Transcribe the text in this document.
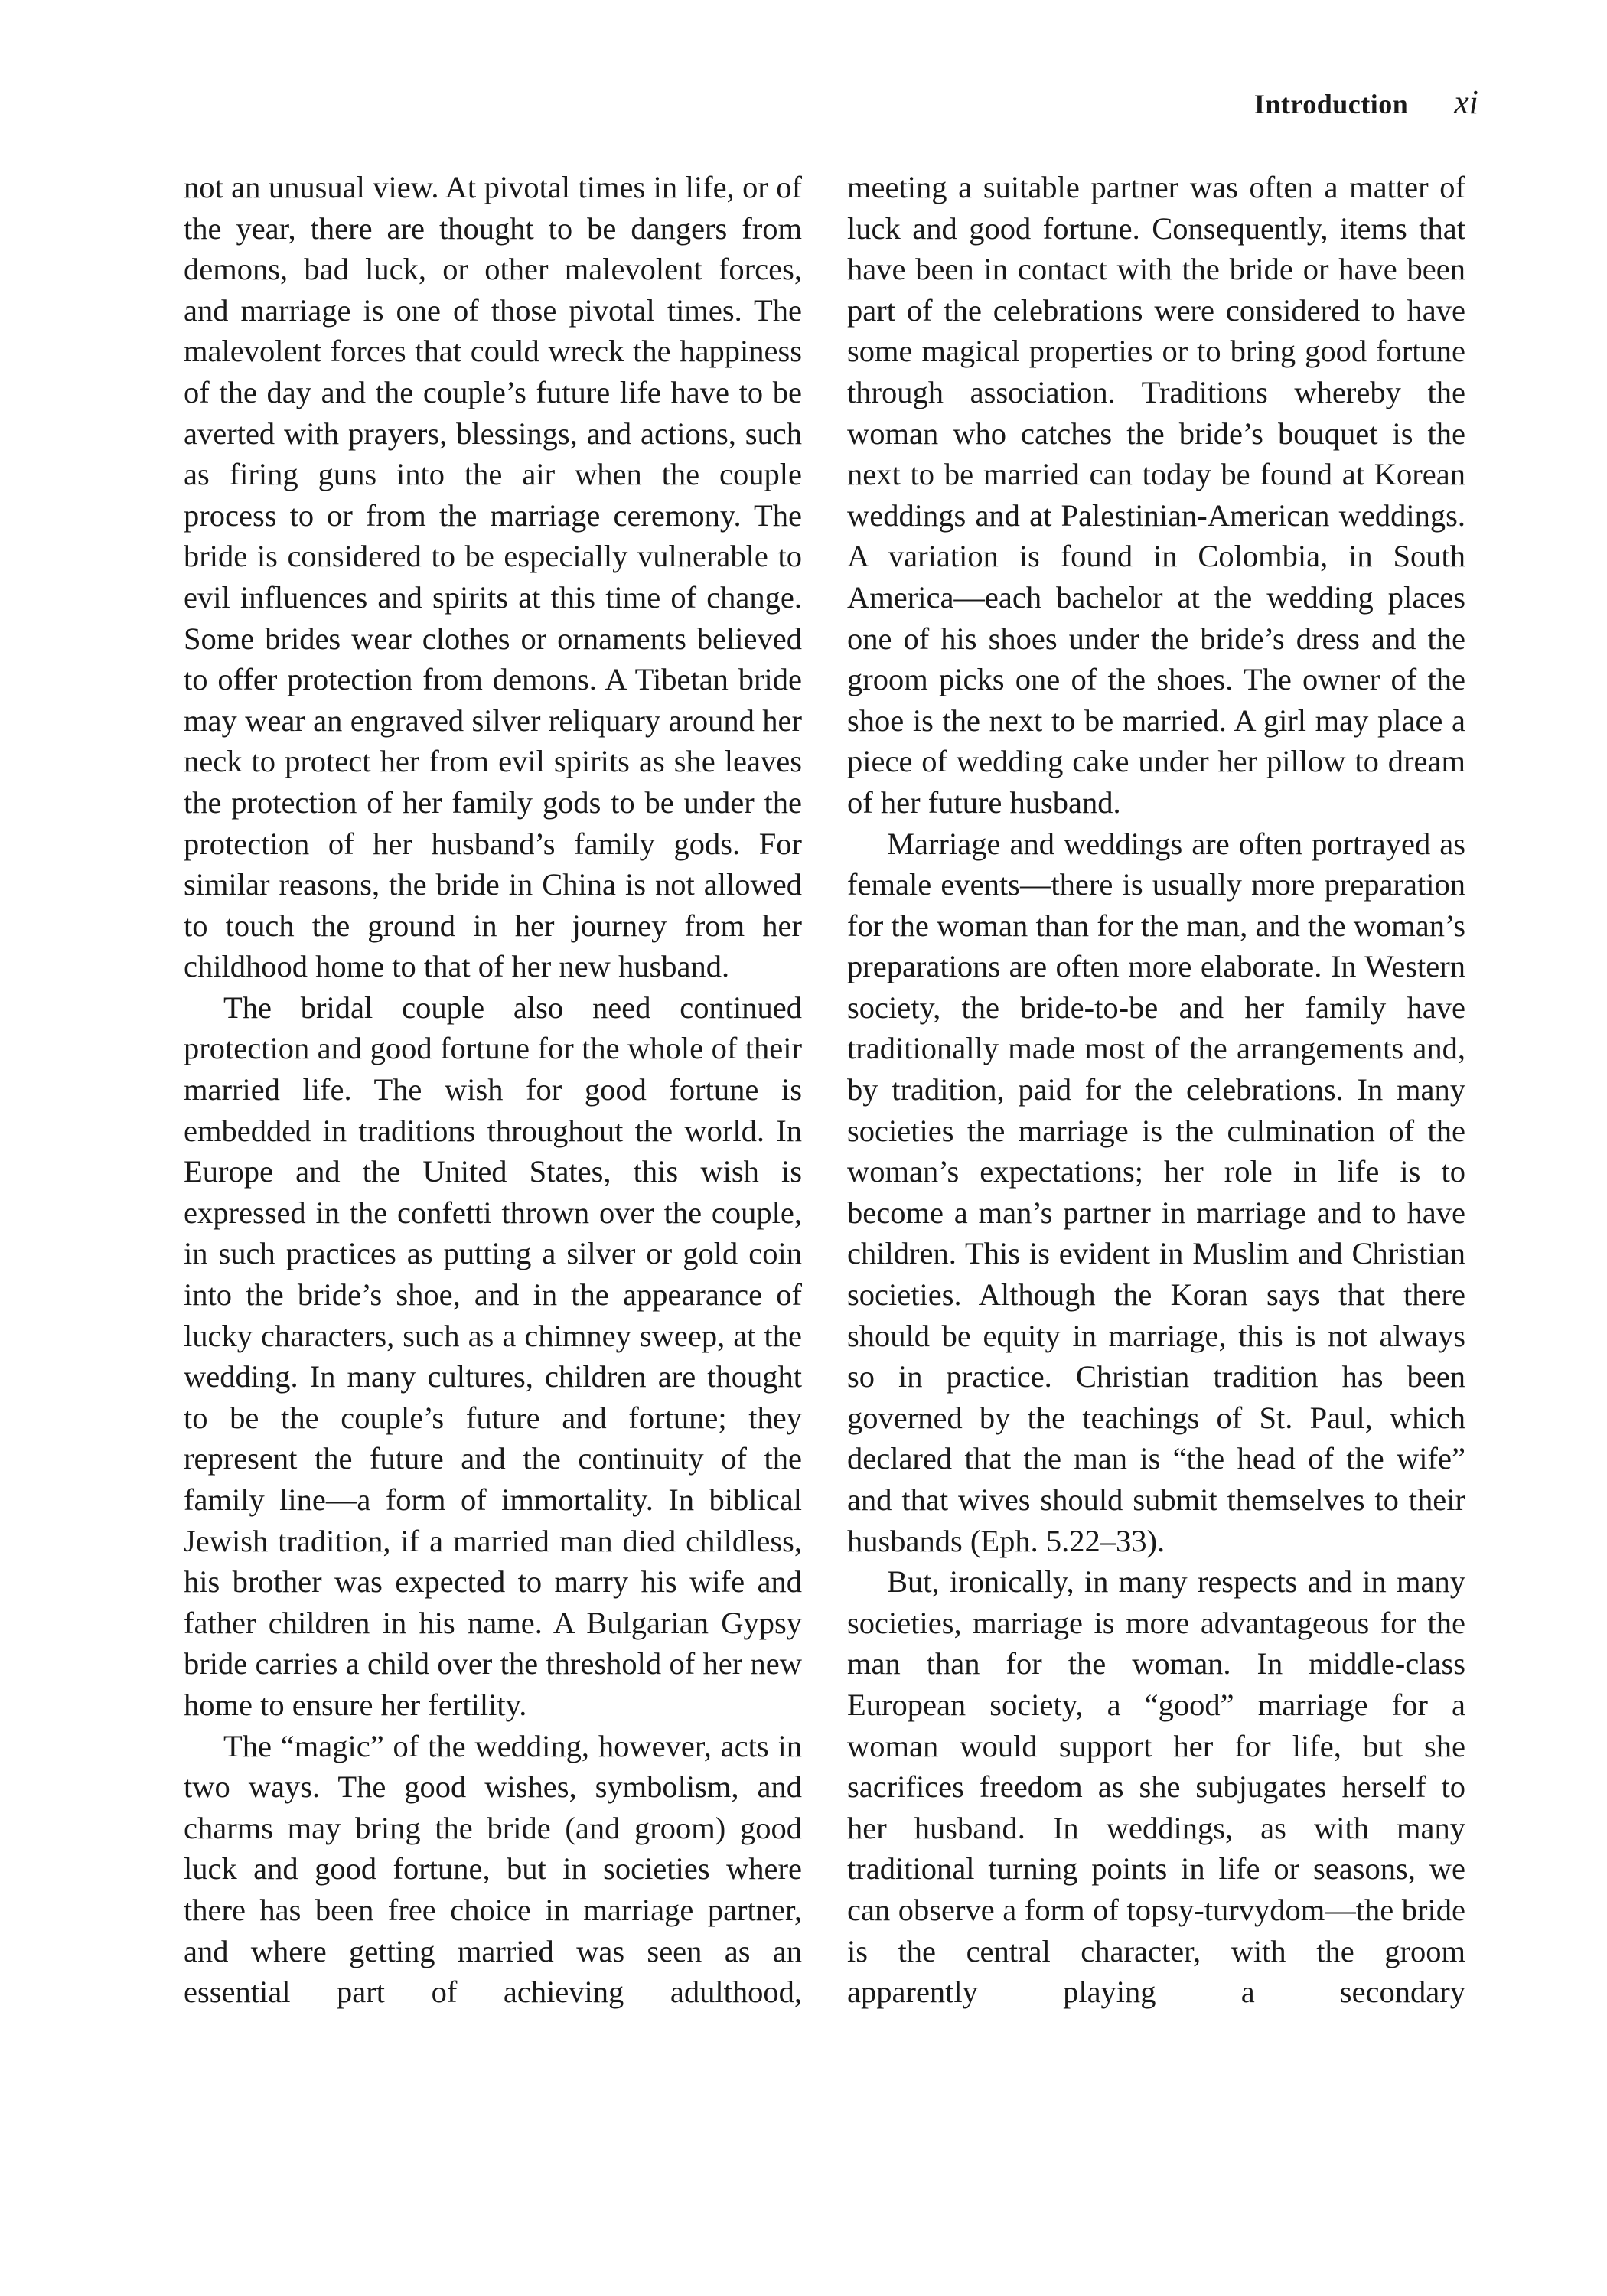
Introduction xi

not an unusual view. At pivotal times in life, or of the year, there are thought to be dangers from demons, bad luck, or other malevolent forces, and marriage is one of those pivotal times. The malevolent forces that could wreck the happiness of the day and the couple’s future life have to be averted with prayers, blessings, and actions, such as firing guns into the air when the couple process to or from the marriage ceremony. The bride is considered to be especially vulnerable to evil influences and spirits at this time of change. Some brides wear clothes or ornaments believed to offer protection from demons. A Tibetan bride may wear an engraved silver reliquary around her neck to protect her from evil spirits as she leaves the protection of her family gods to be under the protection of her husband’s family gods. For similar reasons, the bride in China is not allowed to touch the ground in her journey from her childhood home to that of her new husband.

The bridal couple also need continued protection and good fortune for the whole of their married life. The wish for good fortune is embedded in traditions throughout the world. In Europe and the United States, this wish is expressed in the confetti thrown over the couple, in such practices as putting a silver or gold coin into the bride’s shoe, and in the appearance of lucky characters, such as a chimney sweep, at the wedding. In many cultures, children are thought to be the couple’s future and fortune; they represent the future and the continuity of the family line—a form of immortality. In biblical Jewish tradition, if a married man died childless, his brother was expected to marry his wife and father children in his name. A Bulgarian Gypsy bride carries a child over the threshold of her new home to ensure her fertility.

The “magic” of the wedding, however, acts in two ways. The good wishes, symbolism, and charms may bring the bride (and groom) good luck and good fortune, but in societies where there has been free choice in marriage partner, and where getting married was seen as an essential part of achieving adulthood,

meeting a suitable partner was often a matter of luck and good fortune. Consequently, items that have been in contact with the bride or have been part of the celebrations were considered to have some magical properties or to bring good fortune through association. Traditions whereby the woman who catches the bride’s bouquet is the next to be married can today be found at Korean weddings and at Palestinian-American weddings. A variation is found in Colombia, in South America—each bachelor at the wedding places one of his shoes under the bride’s dress and the groom picks one of the shoes. The owner of the shoe is the next to be married. A girl may place a piece of wedding cake under her pillow to dream of her future husband.

Marriage and weddings are often portrayed as female events—there is usually more preparation for the woman than for the man, and the woman’s preparations are often more elaborate. In Western society, the bride-to-be and her family have traditionally made most of the arrangements and, by tradition, paid for the celebrations. In many societies the marriage is the culmination of the woman’s expectations; her role in life is to become a man’s partner in marriage and to have children. This is evident in Muslim and Christian societies. Although the Koran says that there should be equity in marriage, this is not always so in practice. Christian tradition has been governed by the teachings of St. Paul, which declared that the man is “the head of the wife” and that wives should submit themselves to their husbands (Eph. 5.22–33).

But, ironically, in many respects and in many societies, marriage is more advantageous for the man than for the woman. In middle-class European society, a “good” marriage for a woman would support her for life, but she sacrifices freedom as she subjugates herself to her husband. In weddings, as with many traditional turning points in life or seasons, we can observe a form of topsy-turvydom—the bride is the central character, with the groom apparently playing a secondary
